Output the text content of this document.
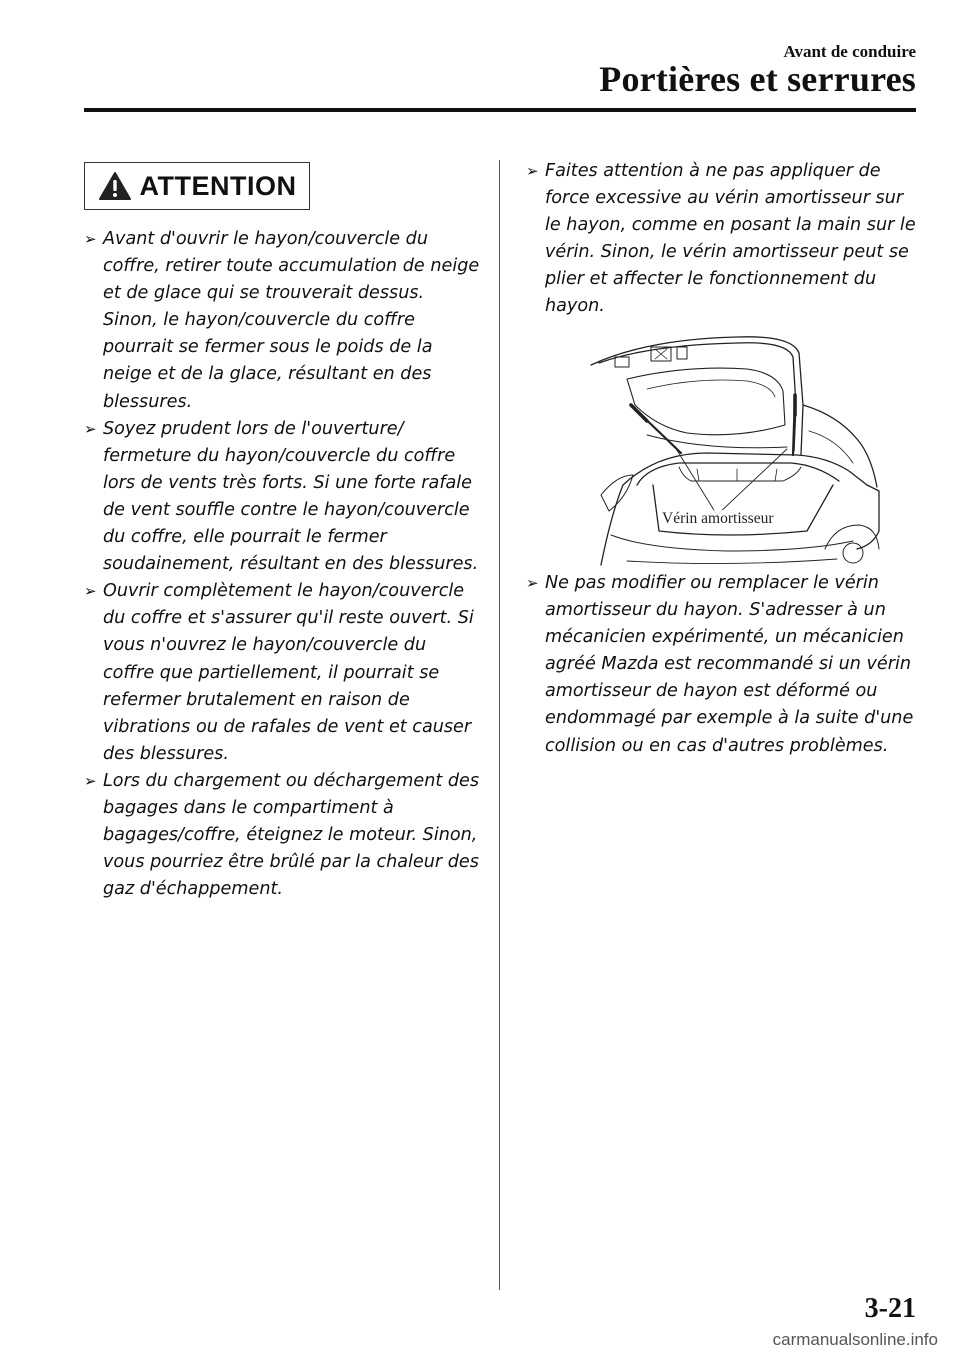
Avant de conduire
Portières et serrures
ATTENTION
➢ Avant d'ouvrir le hayon/couvercle du coffre, retirer toute accumulation de neige et de glace qui se trouverait dessus. Sinon, le hayon/couvercle du coffre pourrait se fermer sous le poids de la neige et de la glace, résultant en des blessures.
➢ Soyez prudent lors de l'ouverture/ fermeture du hayon/couvercle du coffre lors de vents très forts. Si une forte rafale de vent souffle contre le hayon/couvercle du coffre, elle pourrait le fermer soudainement, résultant en des blessures.
➢ Ouvrir complètement le hayon/couvercle du coffre et s'assurer qu'il reste ouvert. Si vous n'ouvrez le hayon/couvercle du coffre que partiellement, il pourrait se refermer brutalement en raison de vibrations ou de rafales de vent et causer des blessures.
➢ Lors du chargement ou déchargement des bagages dans le compartiment à bagages/coffre, éteignez le moteur. Sinon, vous pourriez être brûlé par la chaleur des gaz d'échappement.
➢ Faites attention à ne pas appliquer de force excessive au vérin amortisseur sur le hayon, comme en posant la main sur le vérin. Sinon, le vérin amortisseur peut se plier et affecter le fonctionnement du hayon.
Vérin amortisseur
➢ Ne pas modifier ou remplacer le vérin amortisseur du hayon. S'adresser à un mécanicien expérimenté, un mécanicien agréé Mazda est recommandé si un vérin amortisseur de hayon est déformé ou endommagé par exemple à la suite d'une collision ou en cas d'autres problèmes.
3-21
carmanualsonline.info
